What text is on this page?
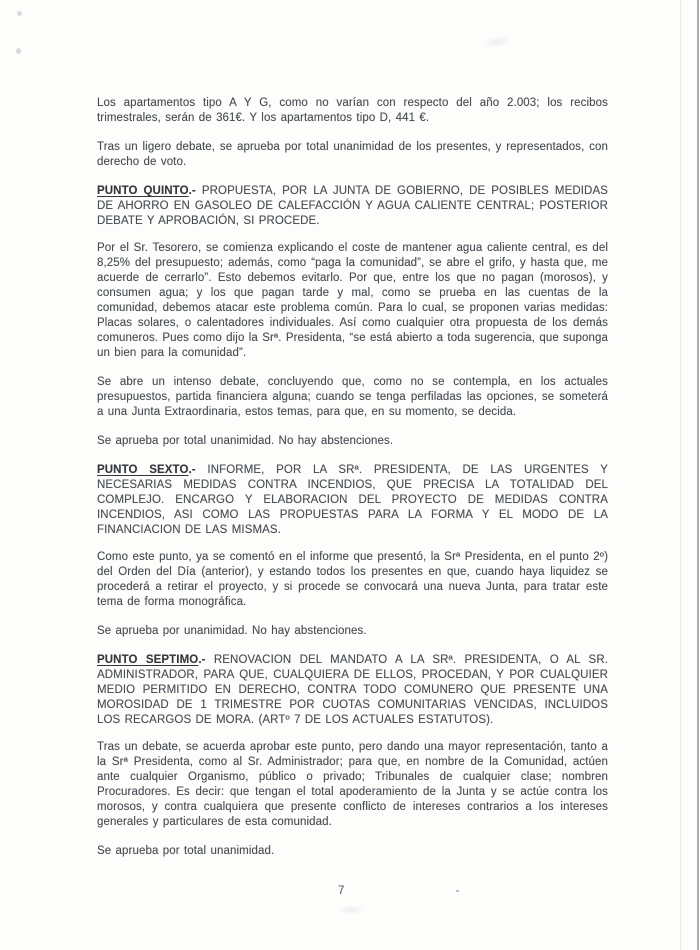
Los apartamentos tipo A Y G, como no varían con respecto del año 2.003; los recibos trimestrales, serán de 361€. Y los apartamentos tipo D, 441 €.

Tras un ligero debate, se aprueba por total unanimidad de los presentes, y representados, con derecho de voto.

PUNTO QUINTO.- PROPUESTA, POR LA JUNTA DE GOBIERNO, DE POSIBLES MEDIDAS DE AHORRO EN GASOLEO DE CALEFACCIÓN Y AGUA CALIENTE CENTRAL; POSTERIOR DEBATE Y APROBACIÓN, SI PROCEDE.

Por el Sr. Tesorero, se comienza explicando el coste de mantener agua caliente central, es del 8,25% del presupuesto; además, como “paga la comunidad”, se abre el grifo, y hasta que, me acuerde de cerrarlo”. Esto debemos evitarlo. Por que, entre los que no pagan (morosos), y consumen agua; y los que pagan tarde y mal, como se prueba en las cuentas de la comunidad, debemos atacar este problema común. Para lo cual, se proponen varias medidas: Placas solares, o calentadores individuales. Así como cualquier otra propuesta de los demás comuneros. Pues como dijo la Srª. Presidenta, “se está abierto a toda sugerencia, que suponga un bien para la comunidad”.

Se abre un intenso debate, concluyendo que, como no se contempla, en los actuales presupuestos, partida financiera alguna; cuando se tenga perfiladas las opciones, se someterá a una Junta Extraordinaria, estos temas, para que, en su momento, se decida.

Se aprueba por total unanimidad. No hay abstenciones.

PUNTO SEXTO.- INFORME, POR LA SRª. PRESIDENTA, DE LAS URGENTES Y NECESARIAS MEDIDAS CONTRA INCENDIOS, QUE PRECISA LA TOTALIDAD DEL COMPLEJO. ENCARGO Y ELABORACION DEL PROYECTO DE MEDIDAS CONTRA INCENDIOS, ASI COMO LAS PROPUESTAS PARA LA FORMA Y EL MODO DE LA FINANCIACION DE LAS MISMAS.

Como este punto, ya se comentó en el informe que presentó, la Srª Presidenta, en el punto 2º) del Orden del Día (anterior), y estando todos los presentes en que, cuando haya liquidez se procederá a retirar el proyecto, y si procede se convocará una nueva Junta, para tratar este tema de forma monográfica.

Se aprueba por unanimidad. No hay abstenciones.

PUNTO SEPTIMO.- RENOVACION DEL MANDATO A LA SRª. PRESIDENTA, O AL SR. ADMINISTRADOR, PARA QUE, CUALQUIERA DE ELLOS, PROCEDAN, Y POR CUALQUIER MEDIO PERMITIDO EN DERECHO, CONTRA TODO COMUNERO QUE PRESENTE UNA MOROSIDAD DE 1 TRIMESTRE POR CUOTAS COMUNITARIAS VENCIDAS, INCLUIDOS LOS RECARGOS DE MORA. (ARTº 7 DE LOS ACTUALES ESTATUTOS).

Tras un debate, se acuerda aprobar este punto, pero dando una mayor representación, tanto a la Srª Presidenta, como al Sr. Administrador; para que, en nombre de la Comunidad, actúen ante cualquier Organismo, público o privado; Tribunales de cualquier clase; nombren Procuradores. Es decir: que tengan el total apoderamiento de la Junta y se actúe contra los morosos, y contra cualquiera que presente conflicto de intereses contrarios a los intereses generales y particulares de esta comunidad.

Se aprueba por total unanimidad.

7
